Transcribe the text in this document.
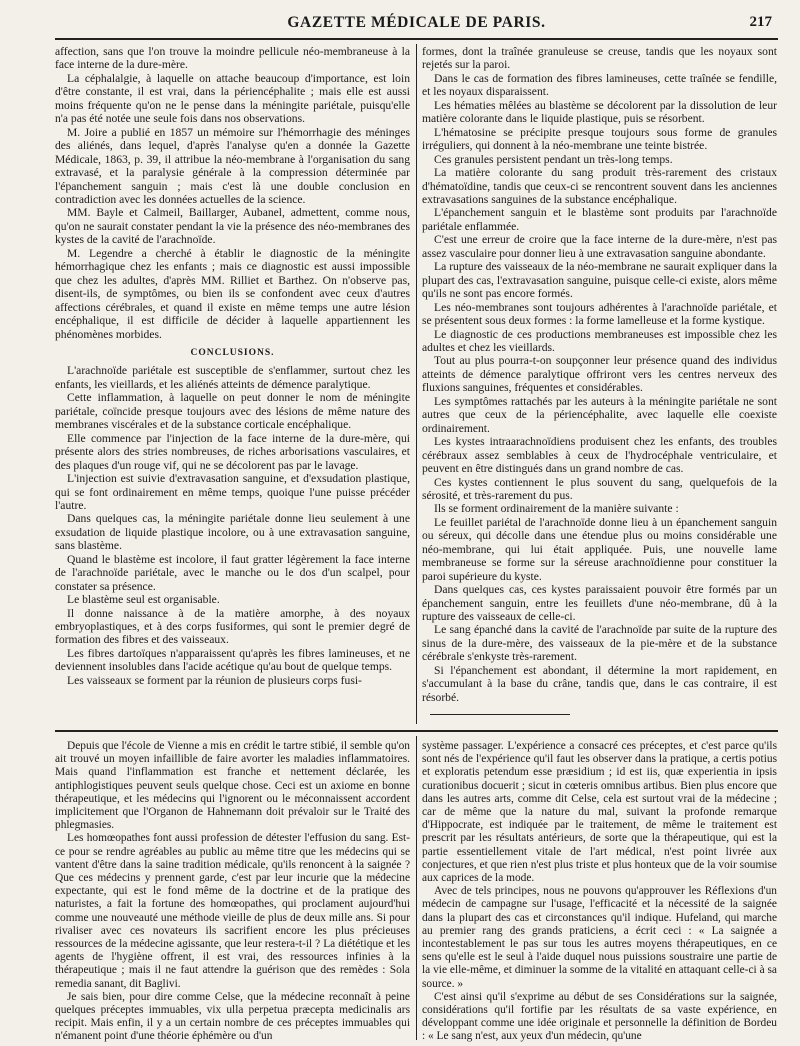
GAZETTE MÉDICALE DE PARIS.	217

affection, sans que l'on trouve la moindre pellicule néo-membraneuse à la face interne de la dure-mère.

La céphalalgie, à laquelle on attache beaucoup d'importance, est loin d'être constante, il est vrai, dans la périencéphalite ; mais elle est aussi moins fréquente qu'on ne le pense dans la méningite pariétale, puisqu'elle n'a pas été notée une seule fois dans nos observations.

M. Joire a publié en 1857 un mémoire sur l'hémorrhagie des méninges des aliénés, dans lequel, d'après l'analyse qu'en a donnée la Gazette Médicale, 1863, p. 39, il attribue la néo-membrane à l'organisation du sang extravasé, et la paralysie générale à la compression déterminée par l'épanchement sanguin ; mais c'est là une double conclusion en contradiction avec les données actuelles de la science.

MM. Bayle et Calmeil, Baillarger, Aubanel, admettent, comme nous, qu'on ne saurait constater pendant la vie la présence des néo-membranes des kystes de la cavité de l'arachnoïde.

M. Legendre a cherché à établir le diagnostic de la méningite hémorrhagique chez les enfants ; mais ce diagnostic est aussi impossible que chez les adultes, d'après MM. Rilliet et Barthez. On n'observe pas, disent-ils, de symptômes, ou bien ils se confondent avec ceux d'autres affections cérébrales, et quand il existe en même temps une autre lésion encéphalique, il est difficile de décider à laquelle appartiennent les phénomènes morbides.

CONCLUSIONS.

L'arachnoïde pariétale est susceptible de s'enflammer, surtout chez les enfants, les vieillards, et les aliénés atteints de démence paralytique.

Cette inflammation, à laquelle on peut donner le nom de méningite pariétale, coïncide presque toujours avec des lésions de même nature des membranes viscérales et de la substance corticale encéphalique.

Elle commence par l'injection de la face interne de la dure-mère, qui présente alors des stries nombreuses, de riches arborisations vasculaires, et des plaques d'un rouge vif, qui ne se décolorent pas par le lavage.

L'injection est suivie d'extravasation sanguine, et d'exsudation plastique, qui se font ordinairement en même temps, quoique l'une puisse précéder l'autre.

Dans quelques cas, la méningite pariétale donne lieu seulement à une exsudation de liquide plastique incolore, ou à une extravasation sanguine, sans blastème.

Quand le blastème est incolore, il faut gratter légèrement la face interne de l'arachnoïde pariétale, avec le manche ou le dos d'un scalpel, pour constater sa présence.

Le blastème seul est organisable.

Il donne naissance à de la matière amorphe, à des noyaux embryoplastiques, et à des corps fusiformes, qui sont le premier degré de formation des fibres et des vaisseaux.

Les fibres dartoïques n'apparaissent qu'après les fibres lamineuses, et ne deviennent insolubles dans l'acide acétique qu'au bout de quelque temps.

Les vaisseaux se forment par la réunion de plusieurs corps fusi-

formes, dont la traînée granuleuse se creuse, tandis que les noyaux sont rejetés sur la paroi.

Dans le cas de formation des fibres lamineuses, cette traînée se fendille, et les noyaux disparaissent.

Les hématies mêlées au blastème se décolorent par la dissolution de leur matière colorante dans le liquide plastique, puis se résorbent.

L'hématosine se précipite presque toujours sous forme de granules irréguliers, qui donnent à la néo-membrane une teinte bistrée.

Ces granules persistent pendant un très-long temps.

La matière colorante du sang produit très-rarement des cristaux d'hématoïdine, tandis que ceux-ci se rencontrent souvent dans les anciennes extravasations sanguines de la substance encéphalique.

L'épanchement sanguin et le blastème sont produits par l'arachnoïde pariétale enflammée.

C'est une erreur de croire que la face interne de la dure-mère, n'est pas assez vasculaire pour donner lieu à une extravasation sanguine abondante.

La rupture des vaisseaux de la néo-membrane ne saurait expliquer dans la plupart des cas, l'extravasation sanguine, puisque celle-ci existe, alors même qu'ils ne sont pas encore formés.

Les néo-membranes sont toujours adhérentes à l'arachnoïde pariétale, et se présentent sous deux formes : la forme lamelleuse et la forme kystique.

Le diagnostic de ces productions membraneuses est impossible chez les adultes et chez les vieillards.

Tout au plus pourra-t-on soupçonner leur présence quand des individus atteints de démence paralytique offriront vers les centres nerveux des fluxions sanguines, fréquentes et considérables.

Les symptômes rattachés par les auteurs à la méningite pariétale ne sont autres que ceux de la périencéphalite, avec laquelle elle coexiste ordinairement.

Les kystes intraarachnoïdiens produisent chez les enfants, des troubles cérébraux assez semblables à ceux de l'hydrocéphale ventriculaire, et peuvent en être distingués dans un grand nombre de cas.

Ces kystes contiennent le plus souvent du sang, quelquefois de la sérosité, et très-rarement du pus.

Ils se forment ordinairement de la manière suivante :

Le feuillet pariétal de l'arachnoïde donne lieu à un épanchement sanguin ou séreux, qui décolle dans une étendue plus ou moins considérable une néo-membrane, qui lui était appliquée. Puis, une nouvelle lame membraneuse se forme sur la séreuse arachnoïdienne pour constituer la paroi supérieure du kyste.

Dans quelques cas, ces kystes paraissaient pouvoir être formés par un épanchement sanguin, entre les feuillets d'une néo-membrane, dû à la rupture des vaisseaux de celle-ci.

Le sang épanché dans la cavité de l'arachnoïde par suite de la rupture des sinus de la dure-mère, des vaisseaux de la pie-mère et de la substance cérébrale s'enkyste très-rarement.

Si l'épanchement est abondant, il détermine la mort rapidement, en s'accumulant à la base du crâne, tandis que, dans le cas contraire, il est résorbé.

Depuis que l'école de Vienne a mis en crédit le tartre stibié, il semble qu'on ait trouvé un moyen infaillible de faire avorter les maladies inflammatoires. Mais quand l'inflammation est franche et nettement déclarée, les antiphlogistiques peuvent seuls quelque chose. Ceci est un axiome en bonne thérapeutique, et les médecins qui l'ignorent ou le méconnaissent accordent implicitement que l'Organon de Hahnemann doit prévaloir sur le Traité des phlegmasies.

Les homœopathes font aussi profession de détester l'effusion du sang. Est-ce pour se rendre agréables au public au même titre que les médecins qui se vantent d'être dans la saine tradition médicale, qu'ils renoncent à la saignée ? Que ces médecins y prennent garde, c'est par leur incurie que la médecine expectante, qui est le fond même de la doctrine et de la pratique des naturistes, a fait la fortune des homœopathes, qui proclament aujourd'hui comme une nouveauté une méthode vieille de plus de deux mille ans. Si pour rivaliser avec ces novateurs ils sacrifient encore les plus précieuses ressources de la médecine agissante, que leur restera-t-il ? La diététique et les agents de l'hygiène offrent, il est vrai, des ressources infinies à la thérapeutique ; mais il ne faut attendre la guérison que des remèdes : Sola remedia sanant, dit Baglivi.

Je sais bien, pour dire comme Celse, que la médecine reconnaît à peine quelques préceptes immuables, vix ulla perpetua præcepta medicinalis ars recipit. Mais enfin, il y a un certain nombre de ces préceptes immuables qui n'émanent point d'une théorie éphémère ou d'un

système passager. L'expérience a consacré ces préceptes, et c'est parce qu'ils sont nés de l'expérience qu'il faut les observer dans la pratique, a certis potius et exploratis petendum esse præsidium ; id est iis, quæ experientia in ipsis curationibus docuerit ; sicut in cœteris omnibus artibus. Bien plus encore que dans les autres arts, comme dit Celse, cela est surtout vrai de la médecine ; car de même que la nature du mal, suivant la profonde remarque d'Hippocrate, est indiquée par le traitement, de même le traitement est prescrit par les résultats antérieurs, de sorte que la thérapeutique, qui est la partie essentiellement vitale de l'art médical, n'est point livrée aux conjectures, et que rien n'est plus triste et plus honteux que de la voir soumise aux caprices de la mode.

Avec de tels principes, nous ne pouvons qu'approuver les Réflexions d'un médecin de campagne sur l'usage, l'efficacité et la nécessité de la saignée dans la plupart des cas et circonstances qu'il indique. Hufeland, qui marche au premier rang des grands praticiens, a écrit ceci : « La saignée a incontestablement le pas sur tous les autres moyens thérapeutiques, en ce sens qu'elle est le seul à l'aide duquel nous puissions soustraire une partie de la vie elle-même, et diminuer la somme de la vitalité en attaquant celle-ci à sa source. »

C'est ainsi qu'il s'exprime au début de ses Considérations sur la saignée, considérations qu'il fortifie par les résultats de sa vaste expérience, en développant comme une idée originale et personnelle la définition de Bordeu : « Le sang n'est, aux yeux d'un médecin, qu'une
